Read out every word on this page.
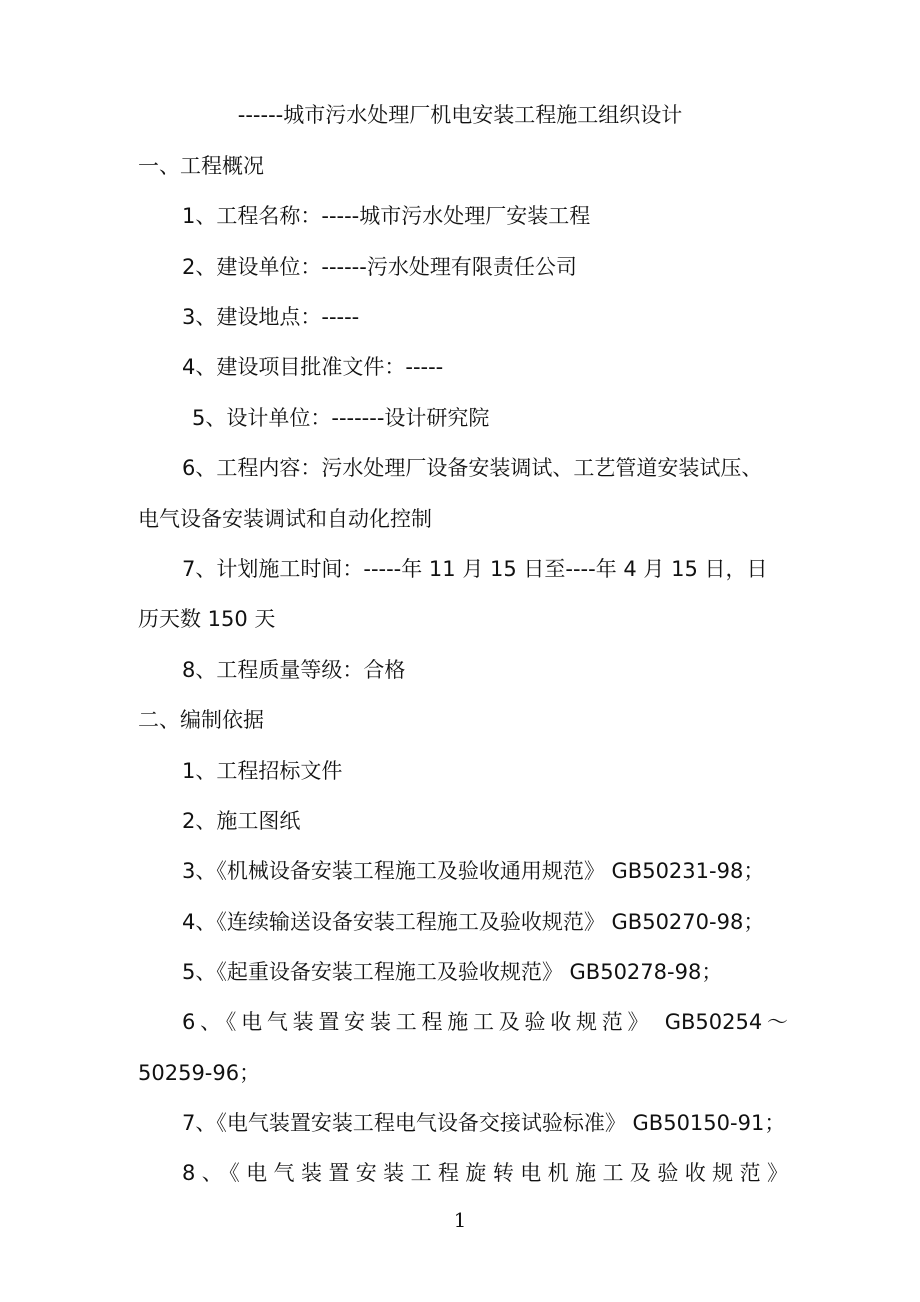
------城市污水处理厂机电安装工程施工组织设计
一、工程概况
1、工程名称：-----城市污水处理厂安装工程
2、建设单位：------污水处理有限责任公司
3、建设地点：-----
4、建设项目批准文件：-----
5、设计单位：-------设计研究院
6、工程内容：污水处理厂设备安装调试、工艺管道安装试压、
电气设备安装调试和自动化控制
7、计划施工时间：-----年 11 月 15 日至----年 4 月 15 日，日
历天数 150 天
8、工程质量等级：合格
二、编制依据
1、工程招标文件
2、施工图纸
3、《机械设备安装工程施工及验收通用规范》 GB50231-98；
4、《连续输送设备安装工程施工及验收规范》 GB50270-98；
5、《起重设备安装工程施工及验收规范》 GB50278-98；
6、《电气装置安装工程施工及验收规范》 GB50254～
50259-96；
7、《电气装置安装工程电气设备交接试验标准》 GB50150-91；
8、《电气装置安装工程旋转电机施工及验收规范》
1
